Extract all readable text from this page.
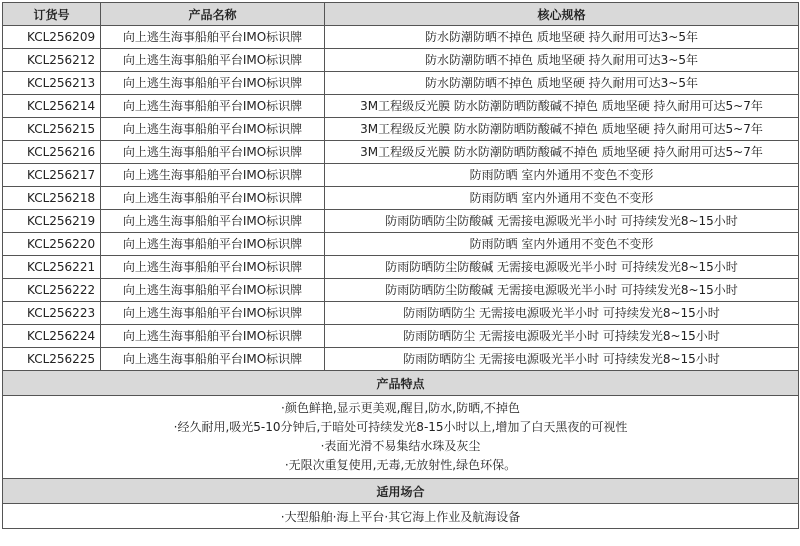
订货号	产品名称	核心规格
KCL256209	向上逃生海事船舶平台IMO标识牌	防水防潮防晒不掉色 质地坚硬 持久耐用可达3~5年
KCL256212	向上逃生海事船舶平台IMO标识牌	防水防潮防晒不掉色 质地坚硬 持久耐用可达3~5年
KCL256213	向上逃生海事船舶平台IMO标识牌	防水防潮防晒不掉色 质地坚硬 持久耐用可达3~5年
KCL256214	向上逃生海事船舶平台IMO标识牌	3M工程级反光膜 防水防潮防晒防酸碱不掉色 质地坚硬 持久耐用可达5~7年
KCL256215	向上逃生海事船舶平台IMO标识牌	3M工程级反光膜 防水防潮防晒防酸碱不掉色 质地坚硬 持久耐用可达5~7年
KCL256216	向上逃生海事船舶平台IMO标识牌	3M工程级反光膜 防水防潮防晒防酸碱不掉色 质地坚硬 持久耐用可达5~7年
KCL256217	向上逃生海事船舶平台IMO标识牌	防雨防晒 室内外通用不变色不变形
KCL256218	向上逃生海事船舶平台IMO标识牌	防雨防晒 室内外通用不变色不变形
KCL256219	向上逃生海事船舶平台IMO标识牌	防雨防晒防尘防酸碱 无需接电源吸光半小时 可持续发光8~15小时
KCL256220	向上逃生海事船舶平台IMO标识牌	防雨防晒 室内外通用不变色不变形
KCL256221	向上逃生海事船舶平台IMO标识牌	防雨防晒防尘防酸碱 无需接电源吸光半小时 可持续发光8~15小时
KCL256222	向上逃生海事船舶平台IMO标识牌	防雨防晒防尘防酸碱 无需接电源吸光半小时 可持续发光8~15小时
KCL256223	向上逃生海事船舶平台IMO标识牌	防雨防晒防尘 无需接电源吸光半小时 可持续发光8~15小时
KCL256224	向上逃生海事船舶平台IMO标识牌	防雨防晒防尘 无需接电源吸光半小时 可持续发光8~15小时
KCL256225	向上逃生海事船舶平台IMO标识牌	防雨防晒防尘 无需接电源吸光半小时 可持续发光8~15小时
产品特点		

·颜色鲜艳,显示更美观,醒目,防水,防晒,不掉色
·经久耐用,吸光5-10分钟后,于暗处可持续发光8-15小时以上,增加了白天黑夜的可视性
·表面光滑不易集结水珠及灰尘
·无限次重复使用,无毒,无放射性,绿色环保。		

适用场合		
·大型船舶·海上平台·其它海上作业及航海设备		
